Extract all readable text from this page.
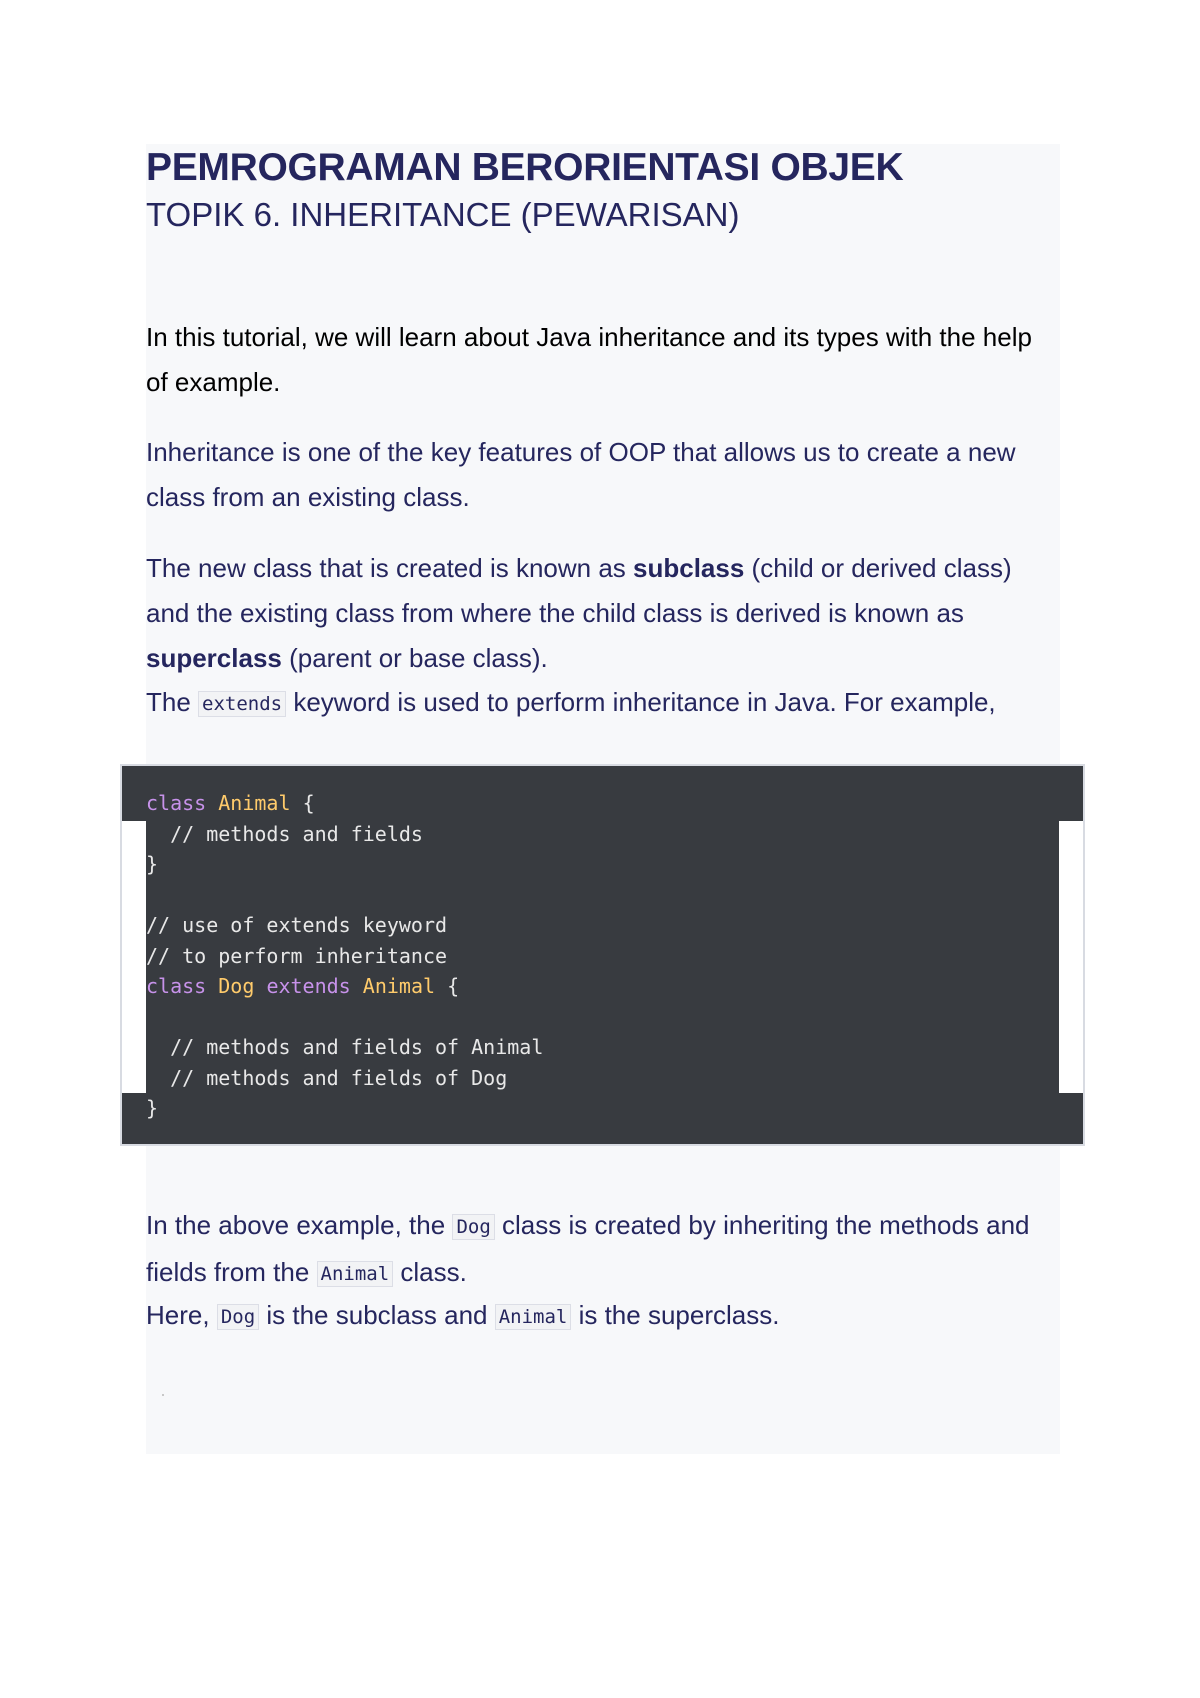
PEMROGRAMAN BERORIENTASI OBJEK
TOPIK 6. INHERITANCE (PEWARISAN)

In this tutorial, we will learn about Java inheritance and its types with the help of example.

Inheritance is one of the key features of OOP that allows us to create a new class from an existing class.

The new class that is created is known as subclass (child or derived class) and the existing class from where the child class is derived is known as superclass (parent or base class).

The extends keyword is used to perform inheritance in Java. For example,

class Animal {
// methods and fields
}

// use of extends keyword
// to perform inheritance
class Dog extends Animal {

// methods and fields of Animal
// methods and fields of Dog
}

In the above example, the Dog class is created by inheriting the methods and fields from the Animal class.

Here, Dog is the subclass and Animal is the superclass.
